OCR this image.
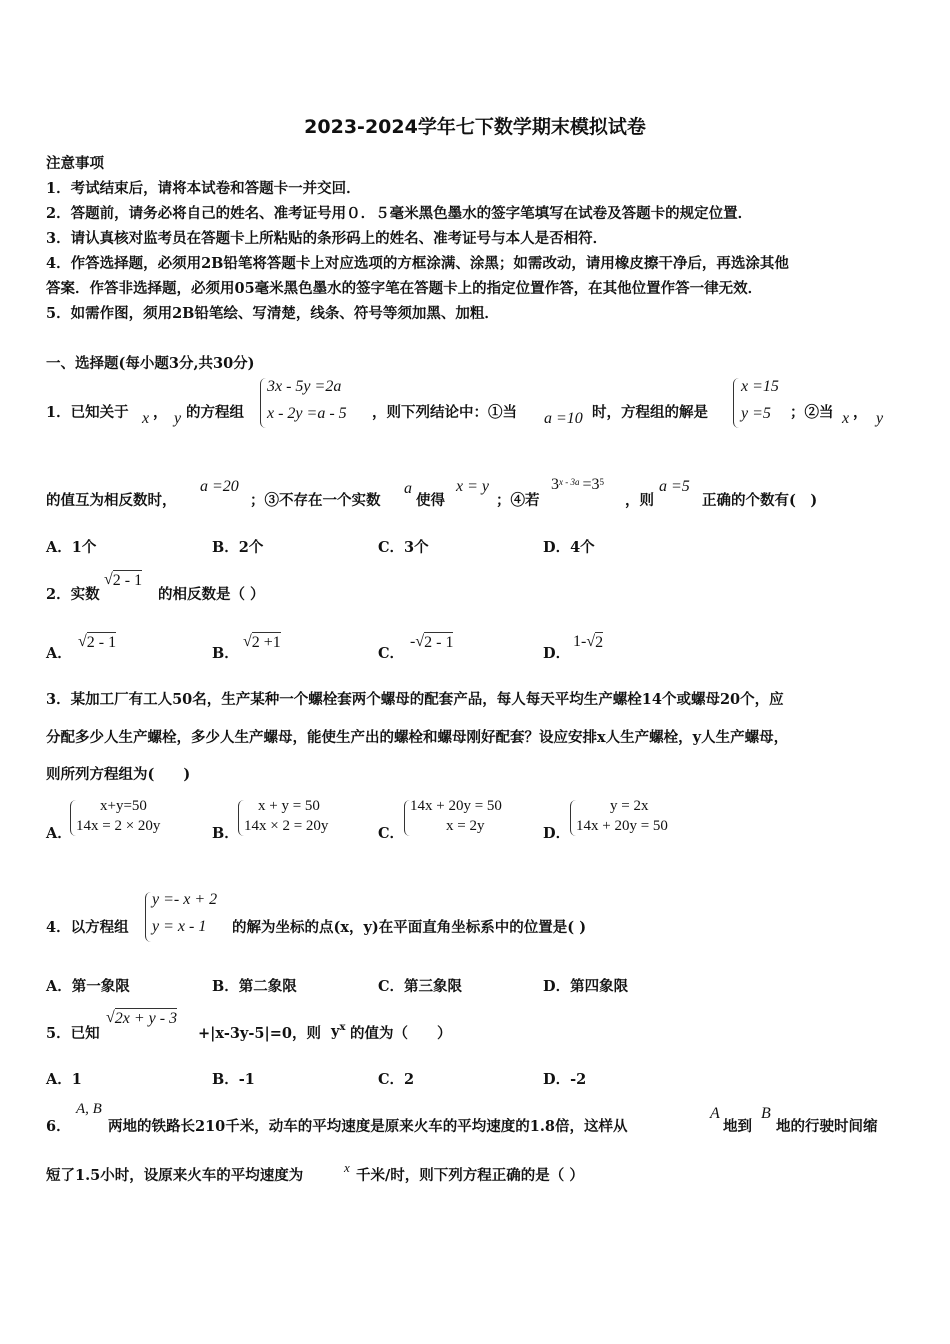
2023-2024学年七下数学期末模拟试卷
注意事项
1．考试结束后，请将本试卷和答题卡一并交回．
2．答题前，请务必将自己的姓名、准考证号用０．５毫米黑色墨水的签字笔填写在试卷及答题卡的规定位置．
3．请认真核对监考员在答题卡上所粘贴的条形码上的姓名、准考证号与本人是否相符．
4．作答选择题，必须用2B铅笔将答题卡上对应选项的方框涂满、涂黑；如需改动，请用橡皮擦干净后，再选涂其他
答案．作答非选择题，必须用05毫米黑色墨水的签字笔在答题卡上的指定位置作答，在其他位置作答一律无效．
5．如需作图，须用2B铅笔绘、写清楚，线条、符号等须加黑、加粗．
一、选择题(每小题3分,共30分)
1．已知关于 x ， y 的方程组
3x - 5y =2a
x - 2y =a - 5 ，则下列结论中：①当 a =10 时，方程组的解是
x =15
y =5 ；②当 x ， y
的值互为相反数时，
a =20
；③不存在一个实数
a
使得
x = y
；④若
$3^{x - 3a} =3^5$
，则
a =5
正确的个数有(　)
A．1个	B．2个	C．3个	D．4个
2．实数
√ 2 - 1
的相反数是（ ）
A．
√ 2 - 1
B．
√ 2 +1
C．
- √ 2 - 1
D．
1- √ 2
3．某加工厂有工人50名，生产某种一个螺栓套两个螺母的配套产品，每人每天平均生产螺栓14个或螺母20个，应
分配多少人生产螺栓，多少人生产螺母，能使生产出的螺栓和螺母刚好配套？设应安排x人生产螺栓，y人生产螺母，
则所列方程组为(　　)
A．
x+y=50
14x = 2 × 20y	B．
x + y = 50
14x × 2 = 20y	C．
14x + 20y = 50
x = 2y	D．
y = 2x
14x + 20y = 50
4．以方程组
y =- x + 2
y = x - 1 的解为坐标的点(x，y)在平面直角坐标系中的位置是( )
A．第一象限	B．第二象限	C．第三象限	D．第四象限
5．已知
√ 2x + y - 3
+|x-3y-5|=0，则 $y^x$ 的值为（　　）
A．1	B．-1	C．2	D．-2
6．
A, B
两地的铁路长210千米，动车的平均速度是原来火车的平均速度的1.8倍，这样从
A
地到
B
地的行驶时间缩
短了1.5小时，设原来火车的平均速度为	x 千米/时，则下列方程正确的是（ ）
